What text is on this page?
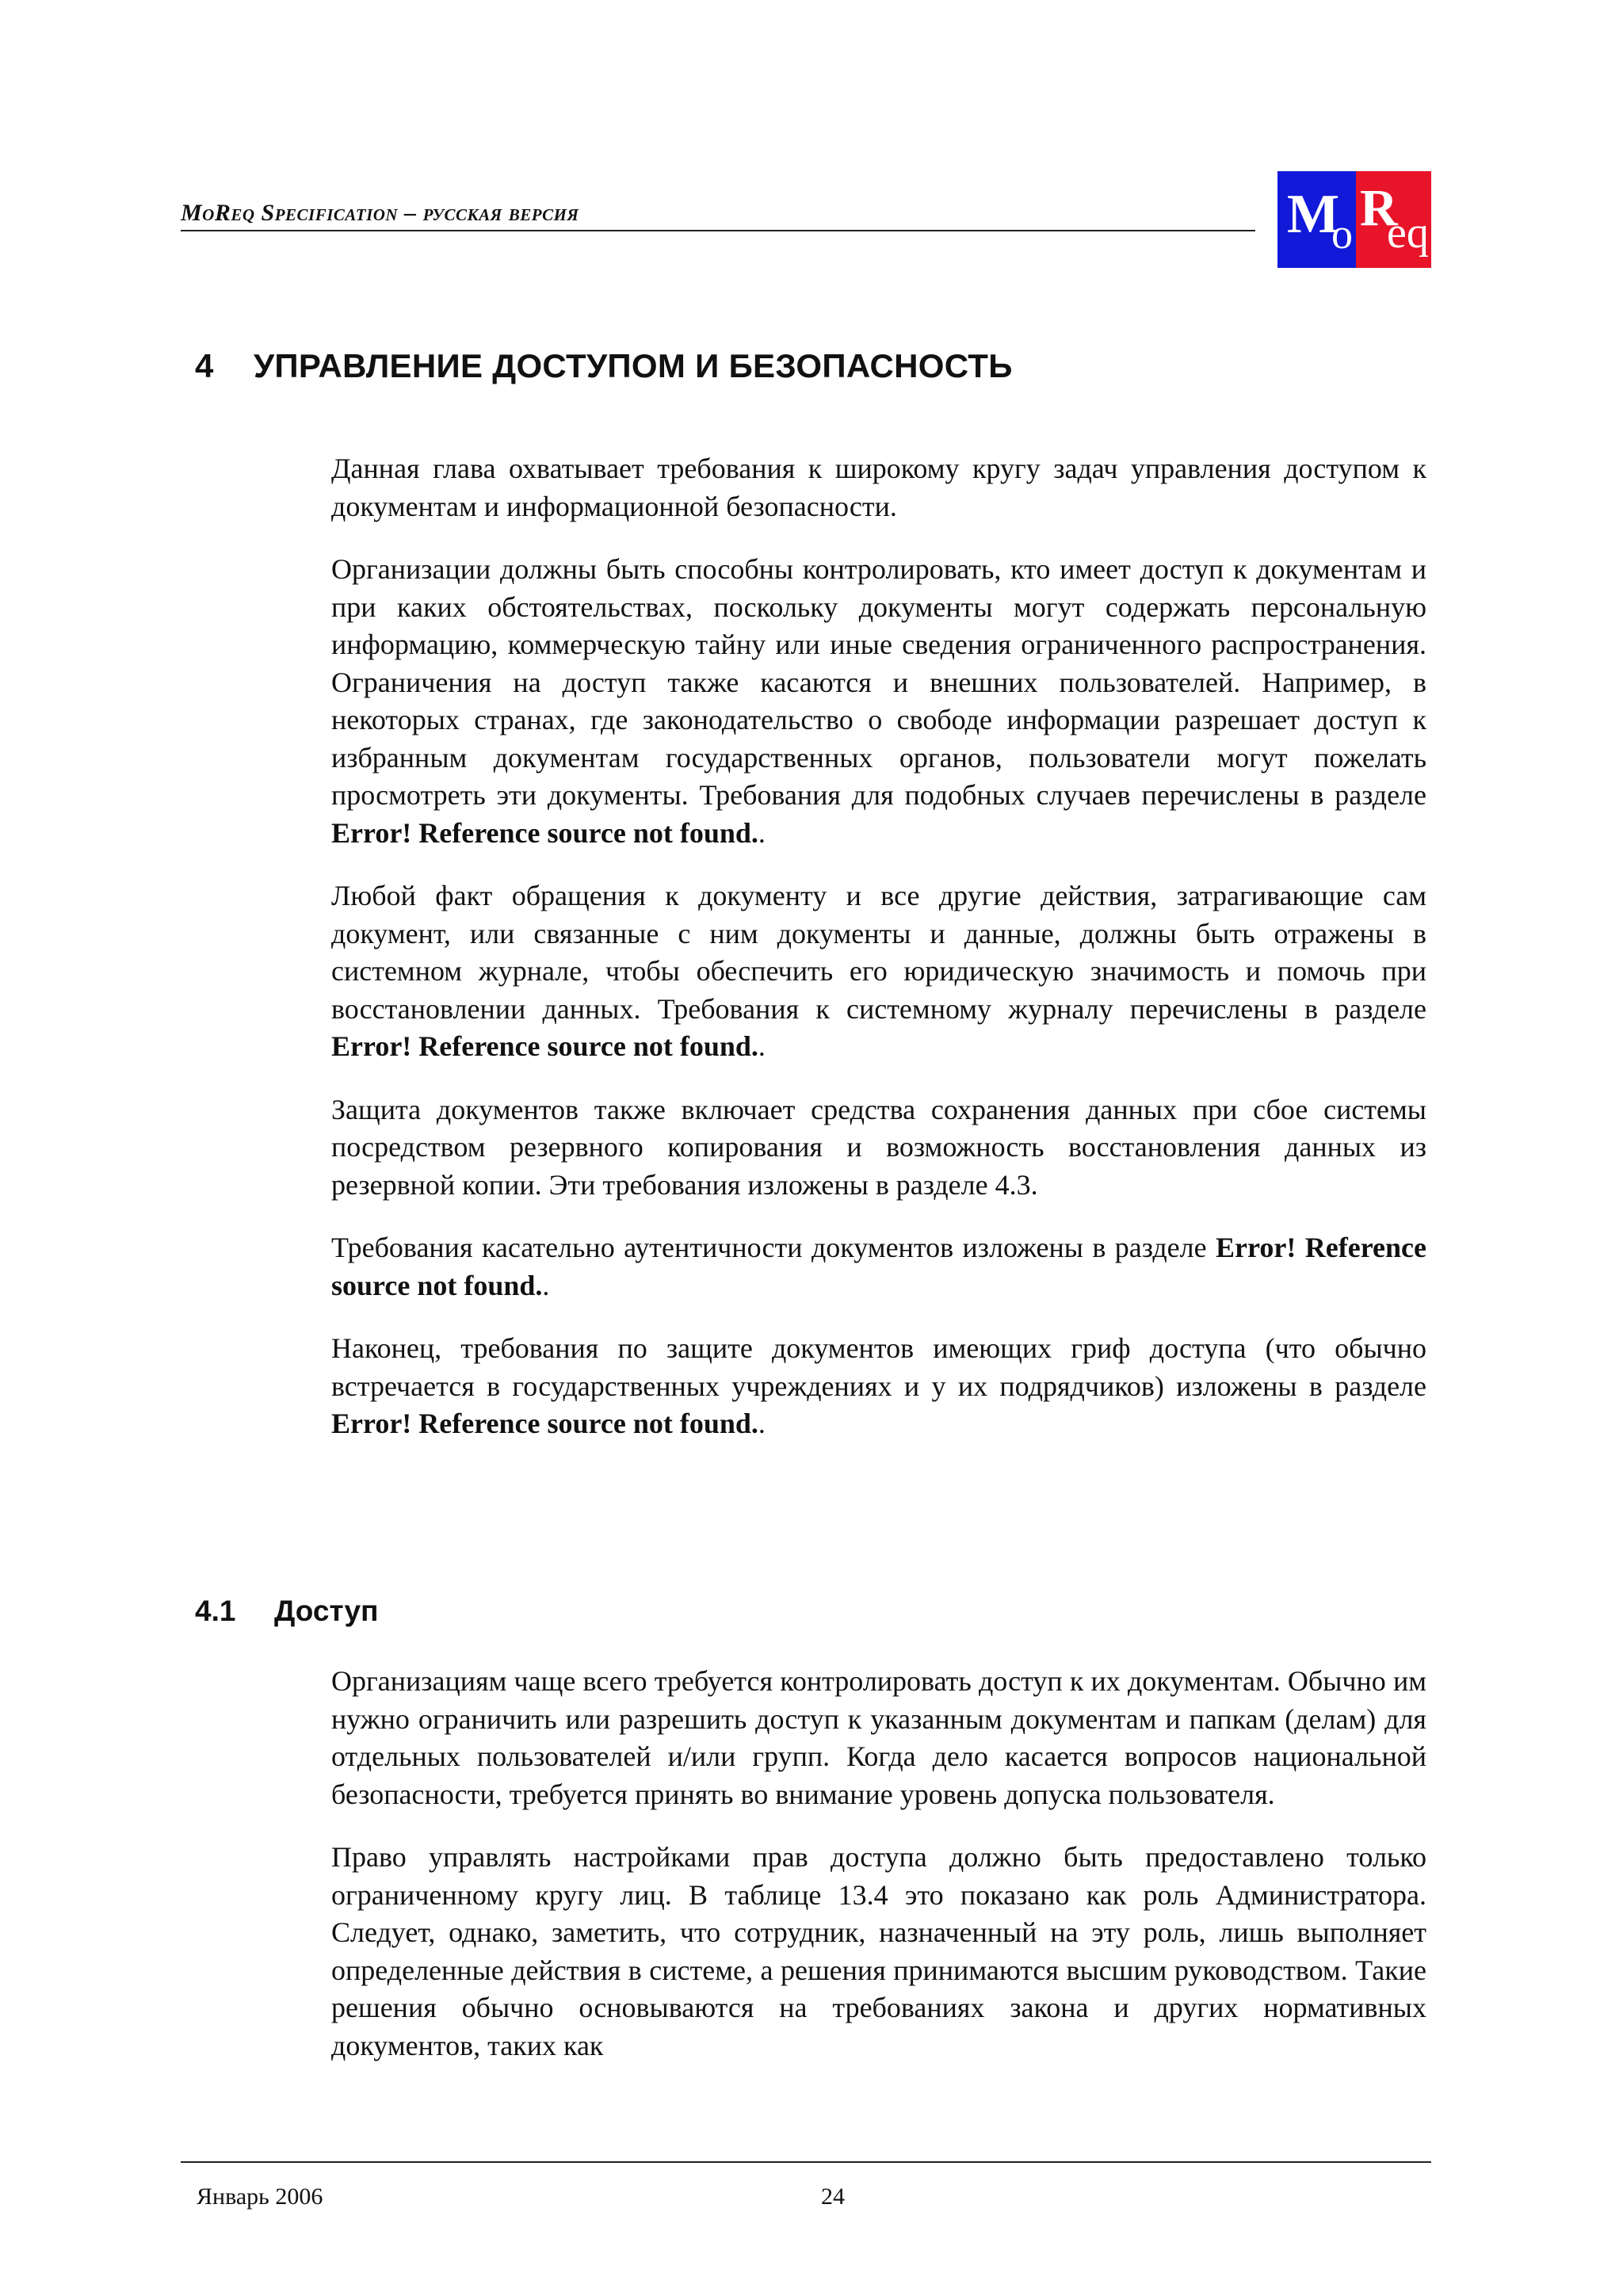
MoReq Specification – русская версия	M
o R
eq
4 УПРАВЛЕНИЕ ДОСТУПОМ И БЕЗОПАСНОСТЬ

Данная глава охватывает требования к широкому кругу задач управления доступом к документам и информационной безопасности.

Организации должны быть способны контролировать, кто имеет доступ к документам и при каких обстоятельствах, поскольку документы могут содержать персональную информацию, коммерческую тайну или иные сведения ограниченного распространения. Ограничения на доступ также касаются и внешних пользователей. Например, в некоторых странах, где законодательство о свободе информации разрешает доступ к избранным документам государственных органов, пользователи могут пожелать просмотреть эти документы. Требования для подобных случаев перечислены в разделе Error! Reference source not found..

Любой факт обращения к документу и все другие действия, затрагивающие сам документ, или связанные с ним документы и данные, должны быть отражены в системном журнале, чтобы обеспечить его юридическую значимость и помочь при восстановлении данных. Требования к системному журналу перечислены в разделе Error! Reference source not found..

Защита документов также включает средства сохранения данных при сбое системы посредством резервного копирования и возможность восстановления данных из резервной копии. Эти требования изложены в разделе 4.3.

Требования касательно аутентичности документов изложены в разделе Error! Reference source not found..

Наконец, требования по защите документов имеющих гриф доступа (что обычно встречается в государственных учреждениях и у их подрядчиков) изложены в разделе Error! Reference source not found..

4.1 Доступ

Организациям чаще всего требуется контролировать доступ к их документам. Обычно им нужно ограничить или разрешить доступ к указанным документам и папкам (делам) для отдельных пользователей и/или групп. Когда дело касается вопросов национальной безопасности, требуется принять во внимание уровень допуска пользователя.

Право управлять настройками прав доступа должно быть предоставлено только ограниченному кругу лиц. В таблице 13.4 это показано как роль Администратора. Следует, однако, заметить, что сотрудник, назначенный на эту роль, лишь выполняет определенные действия в системе, а решения принимаются высшим руководством. Такие решения обычно основываются на требованиях закона и других нормативных документов, таких как

Январь 2006	24
